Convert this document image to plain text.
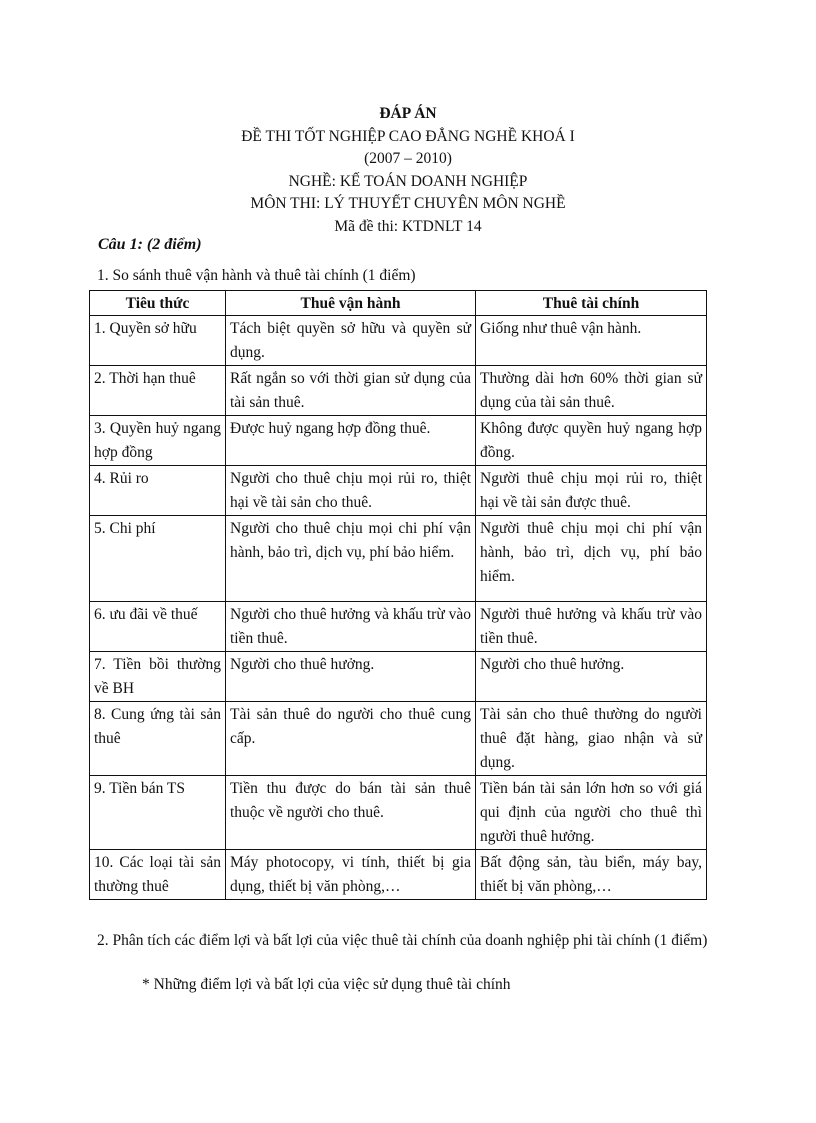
ĐÁP ÁN
ĐỀ THI TỐT NGHIỆP CAO ĐẲNG NGHỀ KHOÁ I
(2007 – 2010)
NGHỀ: KẾ TOÁN DOANH NGHIỆP
MÔN THI: LÝ THUYẾT CHUYÊN MÔN NGHỀ
Mã đề thi: KTDNLT 14
Câu 1: (2 điểm)
1. So sánh thuê vận hành và thuê tài chính (1 điểm)
Tiêu thức	Thuê vận hành	Thuê tài chính
1. Quyền sở hữu	Tách biệt quyền sở hữu và quyền sử dụng.	Giống như thuê vận hành.
2. Thời hạn thuê	Rất ngắn so với thời gian sử dụng của tài sản thuê.	Thường dài hơn 60% thời gian sử dụng của tài sản thuê.
3. Quyền huỷ ngang hợp đồng	Được huỷ ngang hợp đồng thuê.	Không được quyền huỷ ngang hợp đồng.
4. Rủi ro	Người cho thuê chịu mọi rủi ro, thiệt hại về tài sản cho thuê.	Người thuê chịu mọi rủi ro, thiệt hại về tài sản được thuê.
5. Chi phí	Người cho thuê chịu mọi chi phí vận hành, bảo trì, dịch vụ, phí bảo hiểm.	Người thuê chịu mọi chi phí vận hành, bảo trì, dịch vụ, phí bảo hiểm.
6. ưu đãi về thuế	Người cho thuê hưởng và khấu trừ vào tiền thuê.	Người thuê hưởng và khấu trừ vào tiền thuê.
7. Tiền bồi thường về BH	Người cho thuê hưởng.	Người cho thuê hưởng.
8. Cung ứng tài sản thuê	Tài sản thuê do người cho thuê cung cấp.	Tài sản cho thuê thường do người thuê đặt hàng, giao nhận và sử dụng.
9. Tiền bán TS	Tiền thu được do bán tài sản thuê thuộc về người cho thuê.	Tiền bán tài sản lớn hơn so với giá qui định của người cho thuê thì người thuê hưởng.
10. Các loại tài sản thường thuê	Máy photocopy, vi tính, thiết bị gia dụng, thiết bị văn phòng,…	Bất động sản, tàu biển, máy bay, thiết bị văn phòng,…
2. Phân tích các điểm lợi và bất lợi của việc thuê tài chính của doanh nghiệp phi tài chính (1 điểm)
* Những điểm lợi và bất lợi của việc sử dụng thuê tài chính
